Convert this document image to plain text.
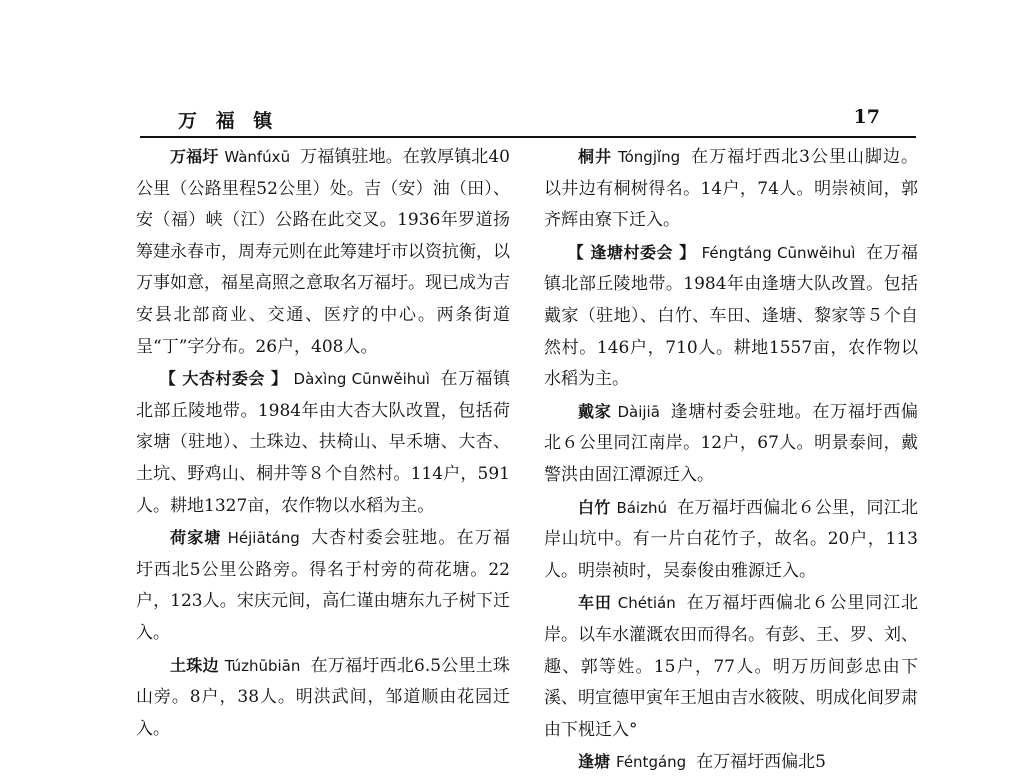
万 福 镇	17

万福圩 Wànfúxū 万福镇驻地。在敦厚镇北40公里（公路里程52公里）处。吉（安）油（田）、安（福）峡（江）公路在此交叉。1936年罗道扬筹建永春市，周寿元则在此筹建圩市以资抗衡，以万事如意，福星高照之意取名万福圩。现已成为吉安县北部商业、交通、医疗的中心。两条街道呈“丁”字分布。26户，408人。

【 大杏村委会 】 Dàxìng Cūnwěihuì 在万福镇北部丘陵地带。1984年由大杏大队改置，包括荷家塘（驻地）、土珠边、扶椅山、早禾塘、大杏、土坑、野鸡山、桐井等８个自然村。114户，591人。耕地1327亩，农作物以水稻为主。

荷家塘 Héjiātáng 大杏村委会驻地。在万福圩西北5公里公路旁。得名于村旁的荷花塘。22户，123人。宋庆元间，高仁谨由塘东九子树下迁入。

土珠边 Túzhūbiān 在万福圩西北6.5公里土珠山旁。8户，38人。明洪武间，邹道顺由花园迁入。

桐井 Tóngjǐng 在万福圩西北3公里山脚边。以井边有桐树得名。14户，74人。明崇祯间，郭齐辉由寮下迁入。

【 逢塘村委会 】 Féngtáng Cūnwěihuì 在万福镇北部丘陵地带。1984年由逢塘大队改置。包括戴家（驻地）、白竹、车田、逢塘、黎家等５个自然村。146户，710人。耕地1557亩，农作物以水稻为主。

戴家 Dàijiā 逢塘村委会驻地。在万福圩西偏北６公里同江南岸。12户，67人。明景泰间，戴警洪由固江潭源迁入。

白竹 Báizhú 在万福圩西偏北６公里，同江北岸山坑中。有一片白花竹子，故名。20户，113人。明崇祯时，吴泰俊由雅源迁入。

车田 Chétián 在万福圩西偏北６公里同江北岸。以车水灌溉农田而得名。有彭、王、罗、刘、趣、郭等姓。15户，77人。明万历间彭忠由下溪、明宣德甲寅年王旭由吉水筱陂、明成化间罗肃由下枧迁入°

逢塘 Féntgáng 在万福圩西偏北5
